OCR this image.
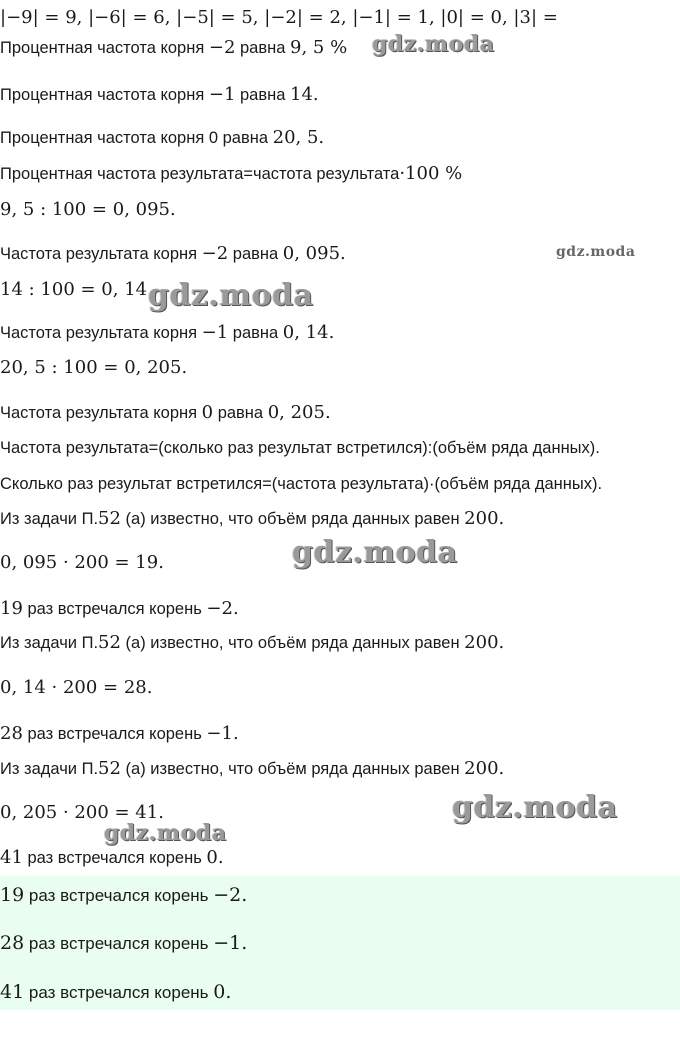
|−9| = 9, |−6| = 6, |−5| = 5, |−2| = 2, |−1| = 1, |0| = 0, |3| =
Процентная частота корня −2 равна 9, 5 %
Процентная частота корня −1 равна 14.
Процентная частота корня 0 равна 20, 5.
Процентная частота результата=частота результата·100 %
9, 5 : 100 = 0, 095.
Частота результата корня −2 равна 0, 095.
14 : 100 = 0, 14.
Частота результата корня −1 равна 0, 14.
20, 5 : 100 = 0, 205.
Частота результата корня 0 равна 0, 205.
Частота результата=(сколько раз результат встретился):(объём ряда данных).
Сколько раз результат встретился=(частота результата)·(объём ряда данных).
Из задачи П.52 (а) известно, что объём ряда данных равен 200.
0, 095 · 200 = 19.
19 раз встречался корень −2.
Из задачи П.52 (а) известно, что объём ряда данных равен 200.
0, 14 · 200 = 28.
28 раз встречался корень −1.
Из задачи П.52 (а) известно, что объём ряда данных равен 200.
0, 205 · 200 = 41.
41 раз встречался корень 0.
19 раз встречался корень −2.
28 раз встречался корень −1.
41 раз встречался корень 0.
gdz.moda
gdz.moda
gdz.moda
gdz.moda
gdz.moda
gdz.moda
